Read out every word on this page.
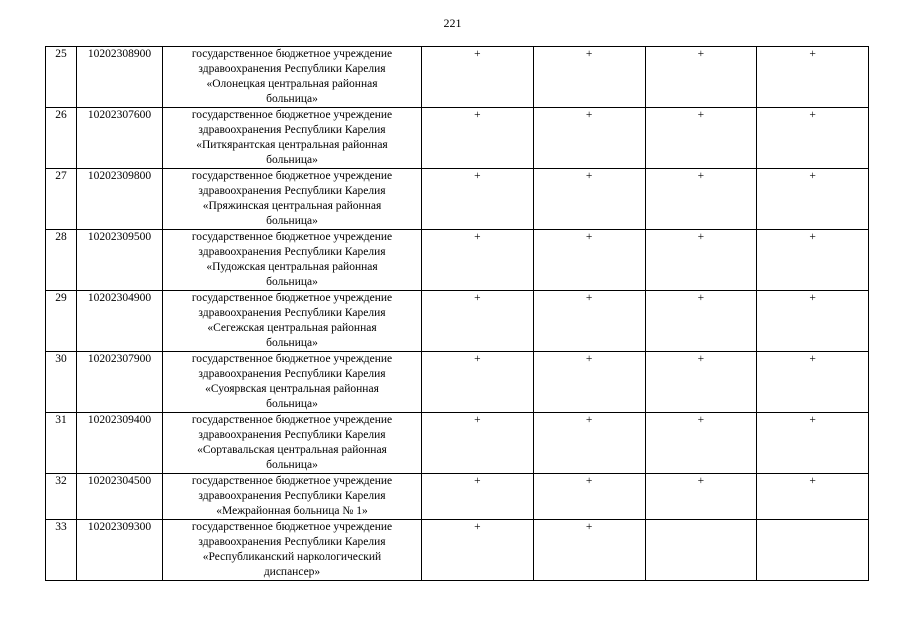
221
25	10202308900	государственное бюджетное учреждение
здравоохранения Республики Карелия
«Олонецкая центральная районная
больница»	+	+	+	+
26	10202307600	государственное бюджетное учреждение
здравоохранения Республики Карелия
«Питкярантская центральная районная
больница»	+	+	+	+
27	10202309800	государственное бюджетное учреждение
здравоохранения Республики Карелия
«Пряжинская центральная районная
больница»	+	+	+	+
28	10202309500	государственное бюджетное учреждение
здравоохранения Республики Карелия
«Пудожская центральная районная
больница»	+	+	+	+
29	10202304900	государственное бюджетное учреждение
здравоохранения Республики Карелия
«Сегежская центральная районная
больница»	+	+	+	+
30	10202307900	государственное бюджетное учреждение
здравоохранения Республики Карелия
«Суоярвская центральная районная
больница»	+	+	+	+
31	10202309400	государственное бюджетное учреждение
здравоохранения Республики Карелия
«Сортавальская центральная районная
больница»	+	+	+	+
32	10202304500	государственное бюджетное учреждение
здравоохранения Республики Карелия
«Межрайонная больница № 1»	+	+	+	+
33	10202309300	государственное бюджетное учреждение
здравоохранения Республики Карелия
«Республиканский наркологический
диспансер»	+	+		
